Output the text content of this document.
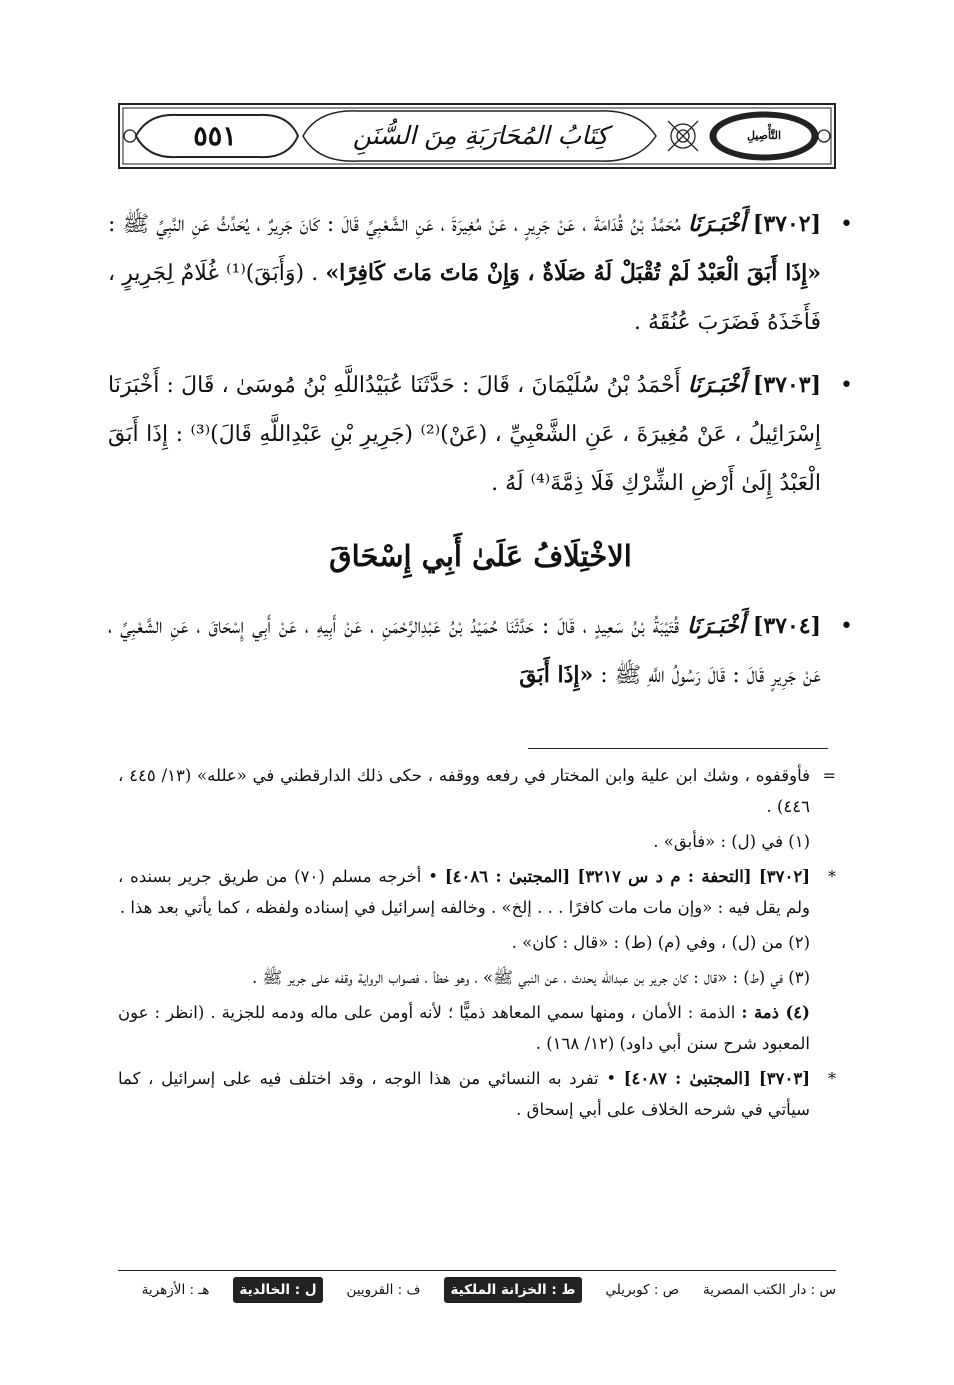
٥٥١	كِتَابُ المُحَارَبَةِ مِنَ السُّنَنِ	التَّأْصِيلِ

•
[٣٧٠٢] أَخْبَـرَنَا مُحَمَّدُ بْنُ قُدَامَةَ ، عَنْ جَرِيرٍ ، عَنْ مُغِيرَةَ ، عَنِ الشَّعْبِيِّ قَالَ : كَانَ جَرِيرٌ ، يُحَدِّثُ عَنِ النَّبِيِّ ﷺ : «إِذَا أَبَقَ الْعَبْدُ لَمْ تُقْبَلْ لَهُ صَلَاةٌ ، وَإِنْ مَاتَ مَاتَ كَافِرًا» . (وَأَبَقَ)⁽¹⁾ غُلَامٌ لِجَرِيرٍ ، فَأَخَذَهُ فَضَرَبَ عُنُقَهُ .

•
[٣٧٠٣] أَخْبَـرَنَا أَحْمَدُ بْنُ سُلَيْمَانَ ، قَالَ : حَدَّثَنَا عُبَيْدُاللَّهِ بْنُ مُوسَىٰ ، قَالَ : أَخْبَرَنَا إِسْرَائِيلُ ، عَنْ مُغِيرَةَ ، عَنِ الشَّعْبِيِّ ، (عَنْ)⁽²⁾ (جَرِيرِ بْنِ عَبْدِاللَّهِ قَالَ)⁽³⁾ : إِذَا أَبَقَ الْعَبْدُ إِلَىٰ أَرْضِ الشِّرْكِ فَلَا ذِمَّةَ⁽⁴⁾ لَهُ .

الاخْتِلَافُ عَلَىٰ أَبِي إِسْحَاقَ

•
[٣٧٠٤] أَخْبَـرَنَا قُتَيْبَةُ بْنُ سَعِيدٍ ، قَالَ : حَدَّثَنَا حُمَيْدُ بْنُ عَبْدِالرَّحْمَنِ ، عَنْ أَبِيهِ ، عَنْ أَبِي إِسْحَاقَ ، عَنِ الشَّعْبِيِّ ، عَنْ جَرِيرٍ قَالَ : قَالَ رَسُولُ اللَّهِ ﷺ : «إِذَا أَبَقَ

=
فأوقفوه ، وشك ابن علية وابن المختار في رفعه ووقفه ، حكى ذلك الدارقطني في «علله» (١٣/ ٤٤٥ ، ٤٤٦) .

(١) في (ل) : «فأبق» .

*
[٣٧٠٢] [التحفة : م د س ٣٢١٧] [المجتبىٰ : ٤٠٨٦] • أخرجه مسلم (٧٠) من طريق جرير بسنده ، ولم يقل فيه : «وإن مات مات كافرًا . . . إلخ» . وخالفه إسرائيل في إسناده ولفظه ، كما يأتي بعد هذا .

(٢) من (ل) ، وفي (م) (ط) : «قال : كان» .

(٣) في (ط) : «قال : كان جرير بن عبدالله يحدث ، عن النبي ﷺ» ، وهو خطأ ، فصواب الرواية وقفه على جرير ﷺ .

(٤) ذمة : الذمة : الأمان ، ومنها سمي المعاهد ذميًّا ؛ لأنه أومن على ماله ودمه للجزية . (انظر : عون المعبود شرح سنن أبي داود) (١٢/ ١٦٨) .

*
[٣٧٠٣] [المجتبىٰ : ٤٠٨٧] • تفرد به النسائي من هذا الوجه ، وقد اختلف فيه على إسرائيل ، كما سيأتي في شرحه الخلاف على أبي إسحاق .

س : دار الكتب المصرية
ص : كوبريلي
ط : الخزانة الملكية
ف : القرويين
ل : الخالدية
هـ : الأزهرية
